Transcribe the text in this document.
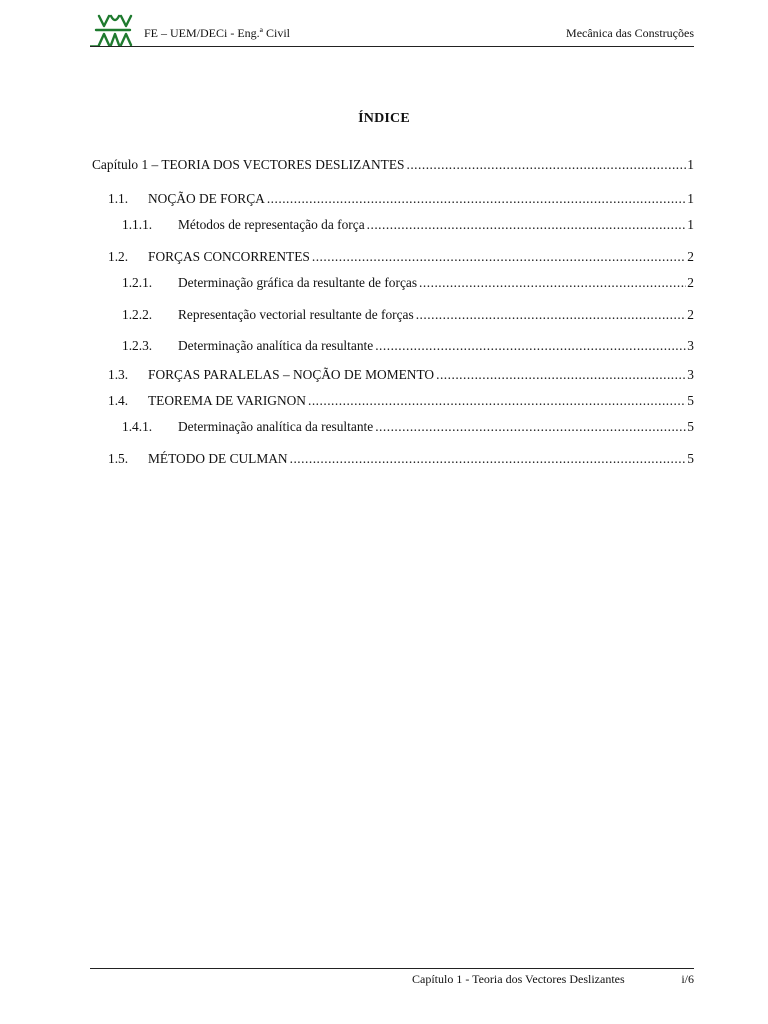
FE – UEM/DECi - Eng.ª Civil	Mecânica das Construções
ÍNDICE
Capítulo 1 – TEORIA DOS VECTORES DESLIZANTES .....	1
1.1.	NOÇÃO DE FORÇA .....	1
1.1.1.	Métodos de representação da força .....	1
1.2.	FORÇAS CONCORRENTES .....	2
1.2.1.	Determinação gráfica da resultante de forças .....	2
1.2.2.	Representação vectorial resultante de forças .....	2
1.2.3.	Determinação analítica da resultante .....	3
1.3.	FORÇAS PARALELAS – NOÇÃO DE MOMENTO .....	3
1.4.	TEOREMA DE VARIGNON .....	5
1.4.1.	Determinação analítica da resultante .....	5
1.5.	MÉTODO DE CULMAN .....	5
Capítulo 1 - Teoria dos Vectores Deslizantes	i/6
